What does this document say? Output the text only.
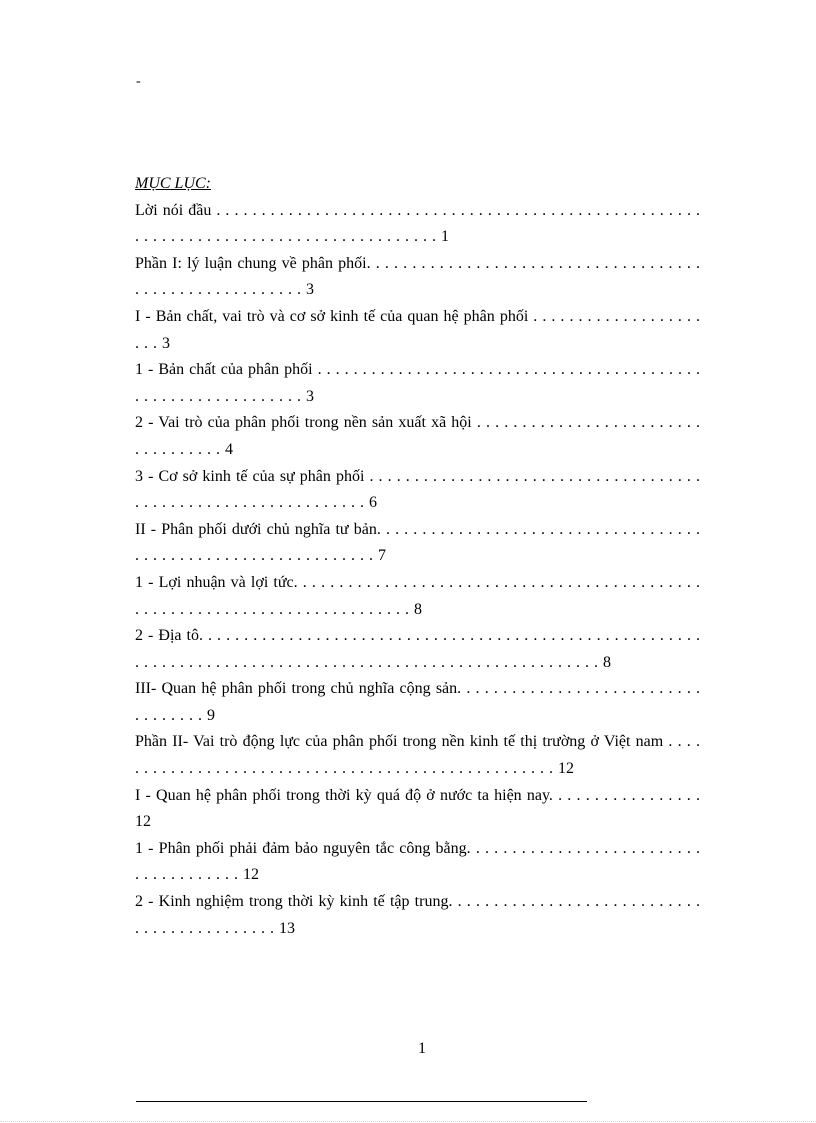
-
MỤC LỤC:
Lời nói đầu . . . . . . . . . . . . . . . . . . . . . . . . . . . . . . . . . . . . . . . . . . . . . . . . . . . . . . . . . . . . . . . . . . . . . . . . . . . . . . . . . . . . . . . . 1
Phần I: lý luận chung về phân phối. . . . . . . . . . . . . . . . . . . . . . . . . . . . . . . . . . . . . . . . . . . . . . . . . . . . . . . . 3
I - Bản chất, vai trò và cơ sở kinh tế của quan hệ phân phối . . . . . . . . . . . . . . . . . . . . . . 3
1 - Bản chất của phân phối . . . . . . . . . . . . . . . . . . . . . . . . . . . . . . . . . . . . . . . . . . . . . . . . . . . . . . . . . . . . . . 3
2 - Vai trò của phân phối trong nền sản xuất xã hội . . . . . . . . . . . . . . . . . . . . . . . . . . . . . . . . . . . 4
3 - Cơ sở kinh tế của sự phân phối . . . . . . . . . . . . . . . . . . . . . . . . . . . . . . . . . . . . . . . . . . . . . . . . . . . . . . . . . . . . . . . 6
II - Phân phối dưới chủ nghĩa tư bản. . . . . . . . . . . . . . . . . . . . . . . . . . . . . . . . . . . . . . . . . . . . . . . . . . . . . . . . . . . . . . . 7
1 - Lợi nhuận và lợi tức. . . . . . . . . . . . . . . . . . . . . . . . . . . . . . . . . . . . . . . . . . . . . . . . . . . . . . . . . . . . . . . . . . . . . . . . . . . . 8
2 - Địa tô. . . . . . . . . . . . . . . . . . . . . . . . . . . . . . . . . . . . . . . . . . . . . . . . . . . . . . . . . . . . . . . . . . . . . . . . . . . . . . . . . . . . . . . . . . . . . . . . . . . . . . . . . . . . 8
III- Quan hệ phân phối trong chủ nghĩa cộng sản. . . . . . . . . . . . . . . . . . . . . . . . . . . . . . . . . . . 9
Phần II- Vai trò động lực của phân phối trong nền kinh tế thị trường ở Việt nam . . . . . . . . . . . . . . . . . . . . . . . . . . . . . . . . . . . . . . . . . . . . . . . . . . . 12
I - Quan hệ phân phối trong thời kỳ quá độ ở nước ta hiện nay. . . . . . . . . . . . . . . . . 12
1 - Phân phối phải đảm bảo nguyên tắc công bằng. . . . . . . . . . . . . . . . . . . . . . . . . . . . . . . . . . . . . . 12
2 - Kinh nghiệm trong thời kỳ kinh tế tập trung. . . . . . . . . . . . . . . . . . . . . . . . . . . . . . . . . . . . . . . . . . . . 13
1
